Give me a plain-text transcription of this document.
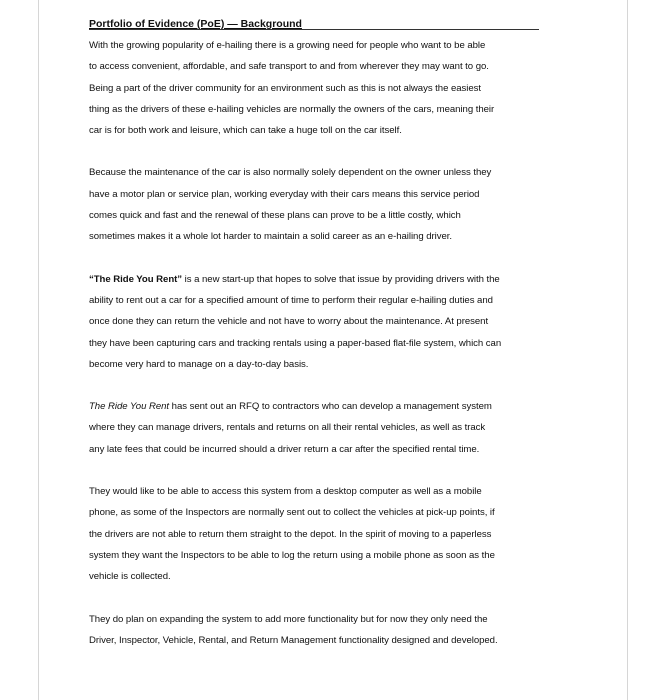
Portfolio of Evidence (PoE) — Background

With the growing popularity of e-hailing there is a growing need for people who want to be able
to access convenient, affordable, and safe transport to and from wherever they may want to go.
Being a part of the driver community for an environment such as this is not always the easiest
thing as the drivers of these e-hailing vehicles are normally the owners of the cars, meaning their
car is for both work and leisure, which can take a huge toll on the car itself.

Because the maintenance of the car is also normally solely dependent on the owner unless they
have a motor plan or service plan, working everyday with their cars means this service period
comes quick and fast and the renewal of these plans can prove to be a little costly, which
sometimes makes it a whole lot harder to maintain a solid career as an e-hailing driver.

“The Ride You Rent” is a new start-up that hopes to solve that issue by providing drivers with the
ability to rent out a car for a specified amount of time to perform their regular e-hailing duties and
once done they can return the vehicle and not have to worry about the maintenance. At present
they have been capturing cars and tracking rentals using a paper-based flat-file system, which can
become very hard to manage on a day-to-day basis.

The Ride You Rent has sent out an RFQ to contractors who can develop a management system
where they can manage drivers, rentals and returns on all their rental vehicles, as well as track
any late fees that could be incurred should a driver return a car after the specified rental time.

They would like to be able to access this system from a desktop computer as well as a mobile
phone, as some of the Inspectors are normally sent out to collect the vehicles at pick-up points, if
the drivers are not able to return them straight to the depot. In the spirit of moving to a paperless
system they want the Inspectors to be able to log the return using a mobile phone as soon as the
vehicle is collected.

They do plan on expanding the system to add more functionality but for now they only need the
Driver, Inspector, Vehicle, Rental, and Return Management functionality designed and developed.
